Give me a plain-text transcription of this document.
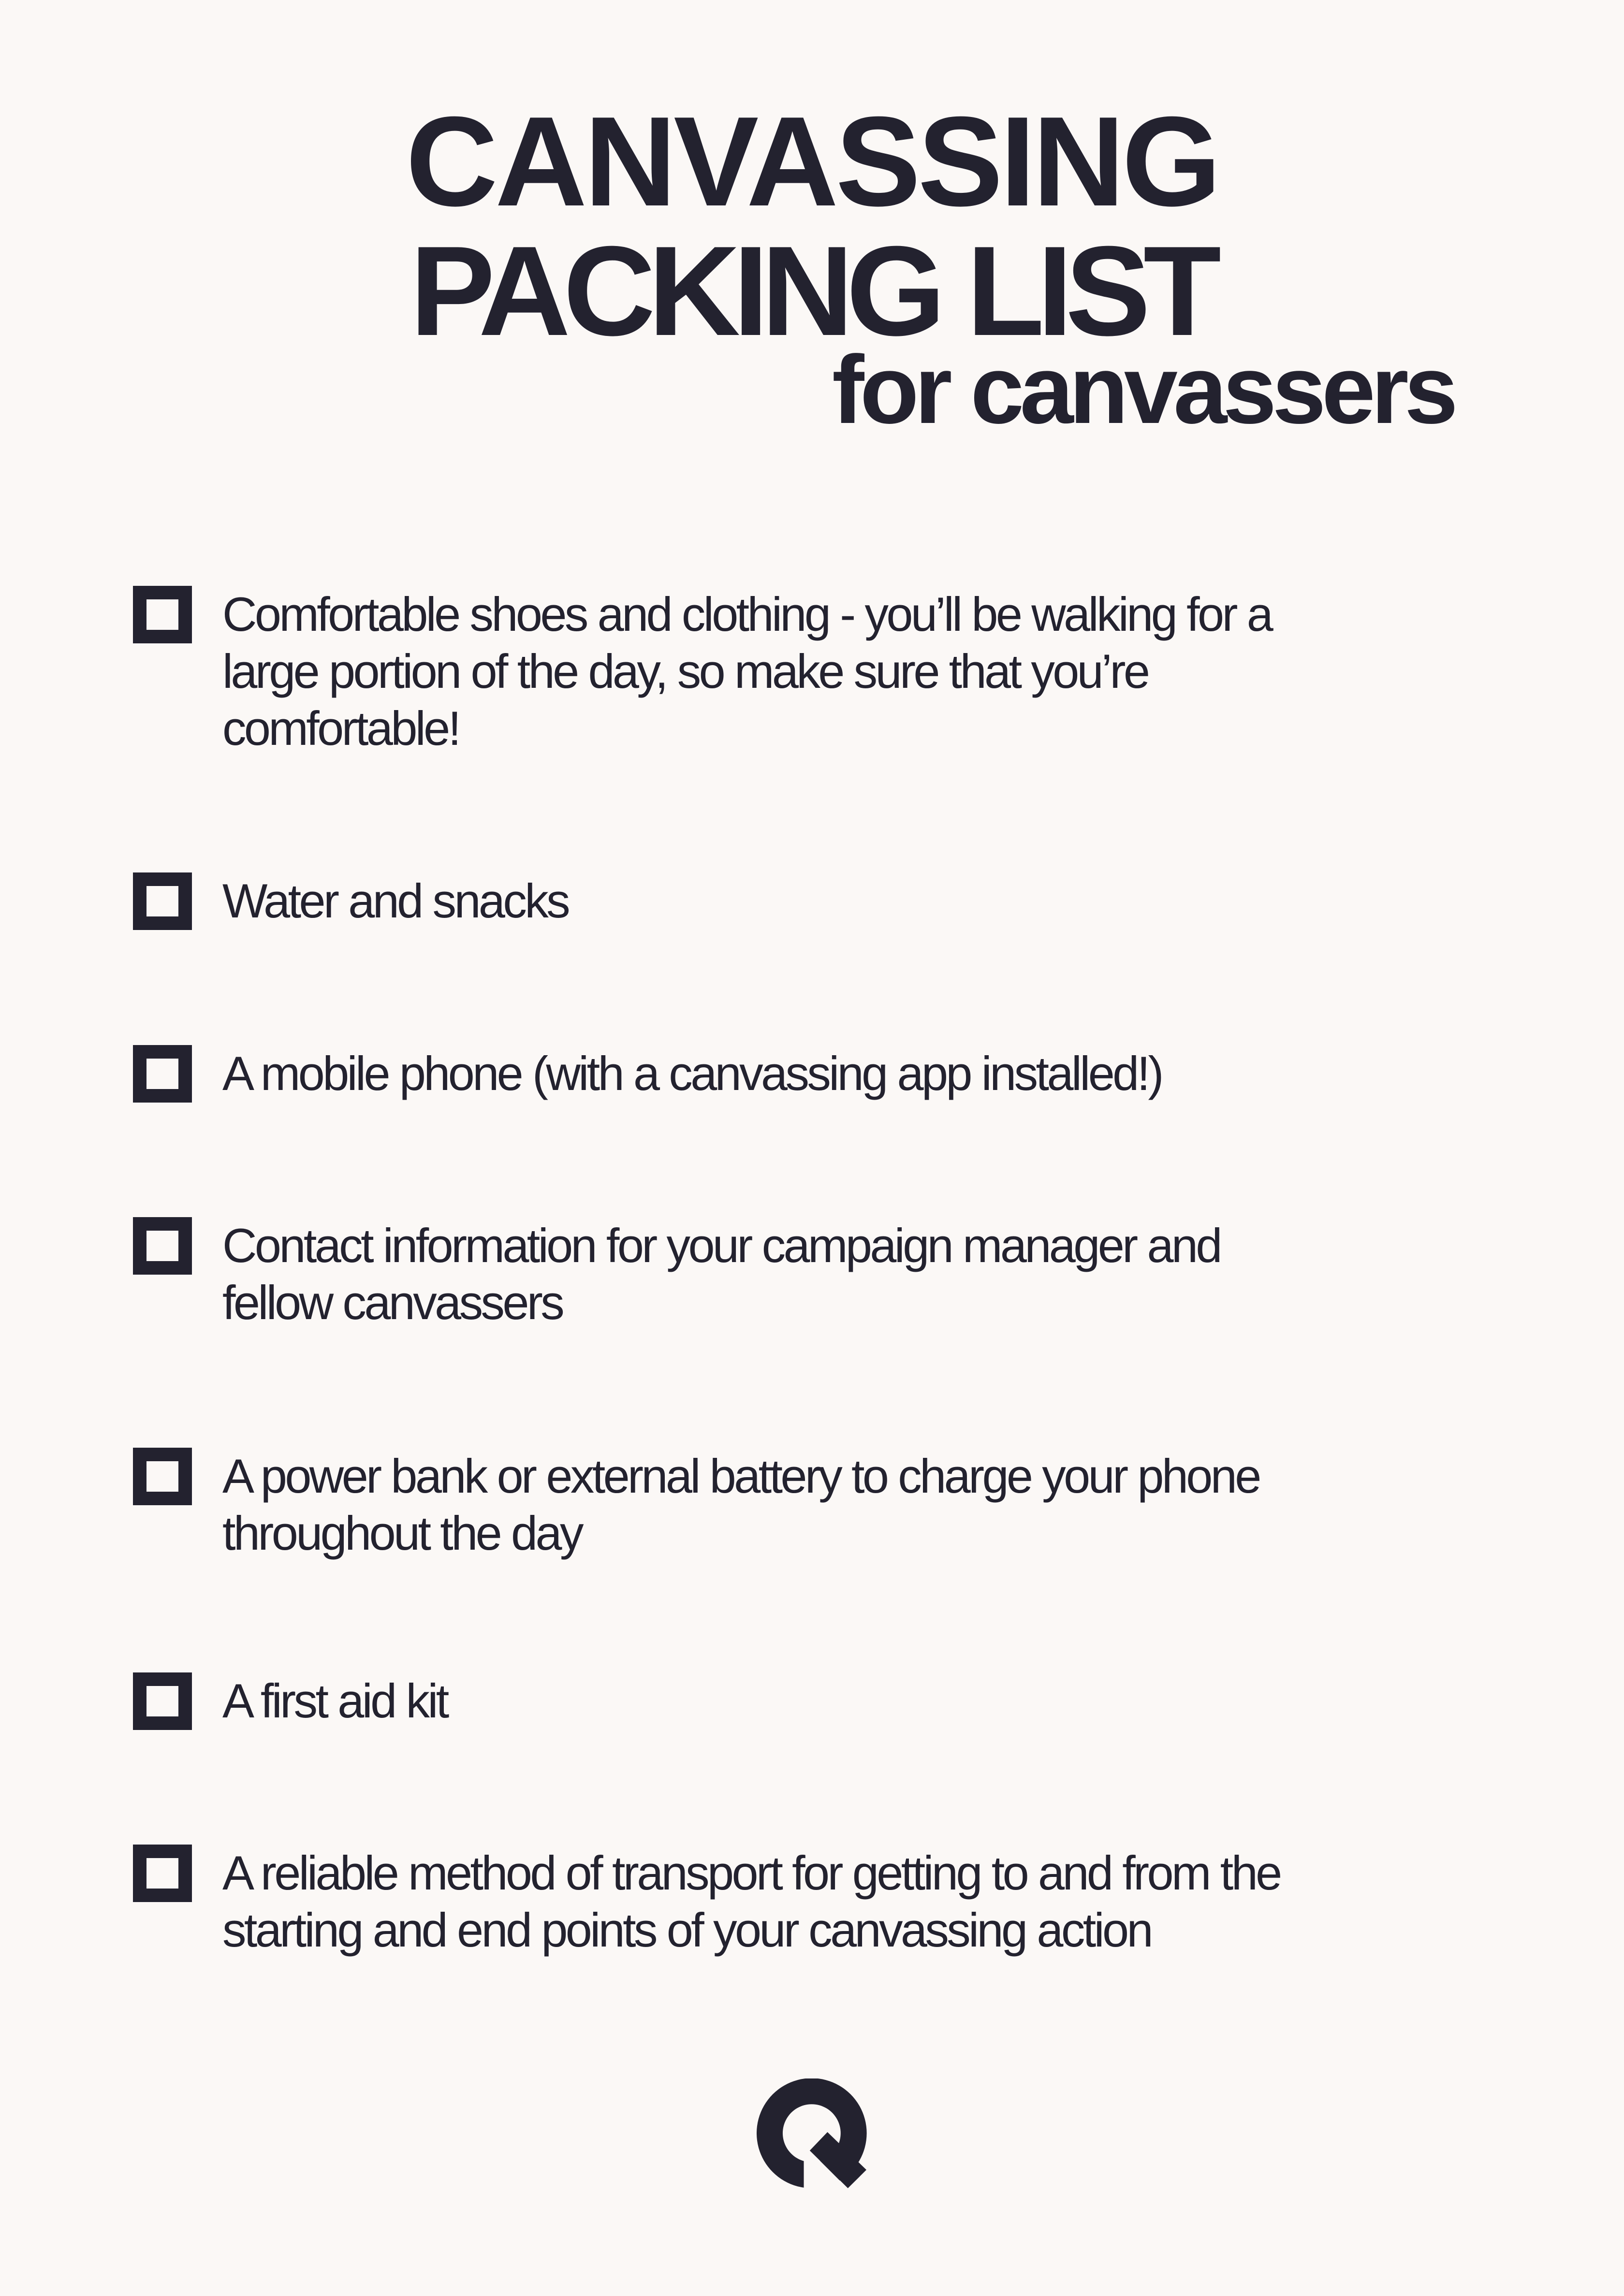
CANVASSING
PACKING LIST
for canvassers
Comfortable shoes and clothing - you’ll be walking for a
large portion of the day, so make sure that you’re
comfortable!
Water and snacks
A mobile phone (with a canvassing app installed!)
Contact information for your campaign manager and
fellow canvassers
A power bank or external battery to charge your phone
throughout the day
A first aid kit
A reliable method of transport for getting to and from the
starting and end points of your canvassing action
